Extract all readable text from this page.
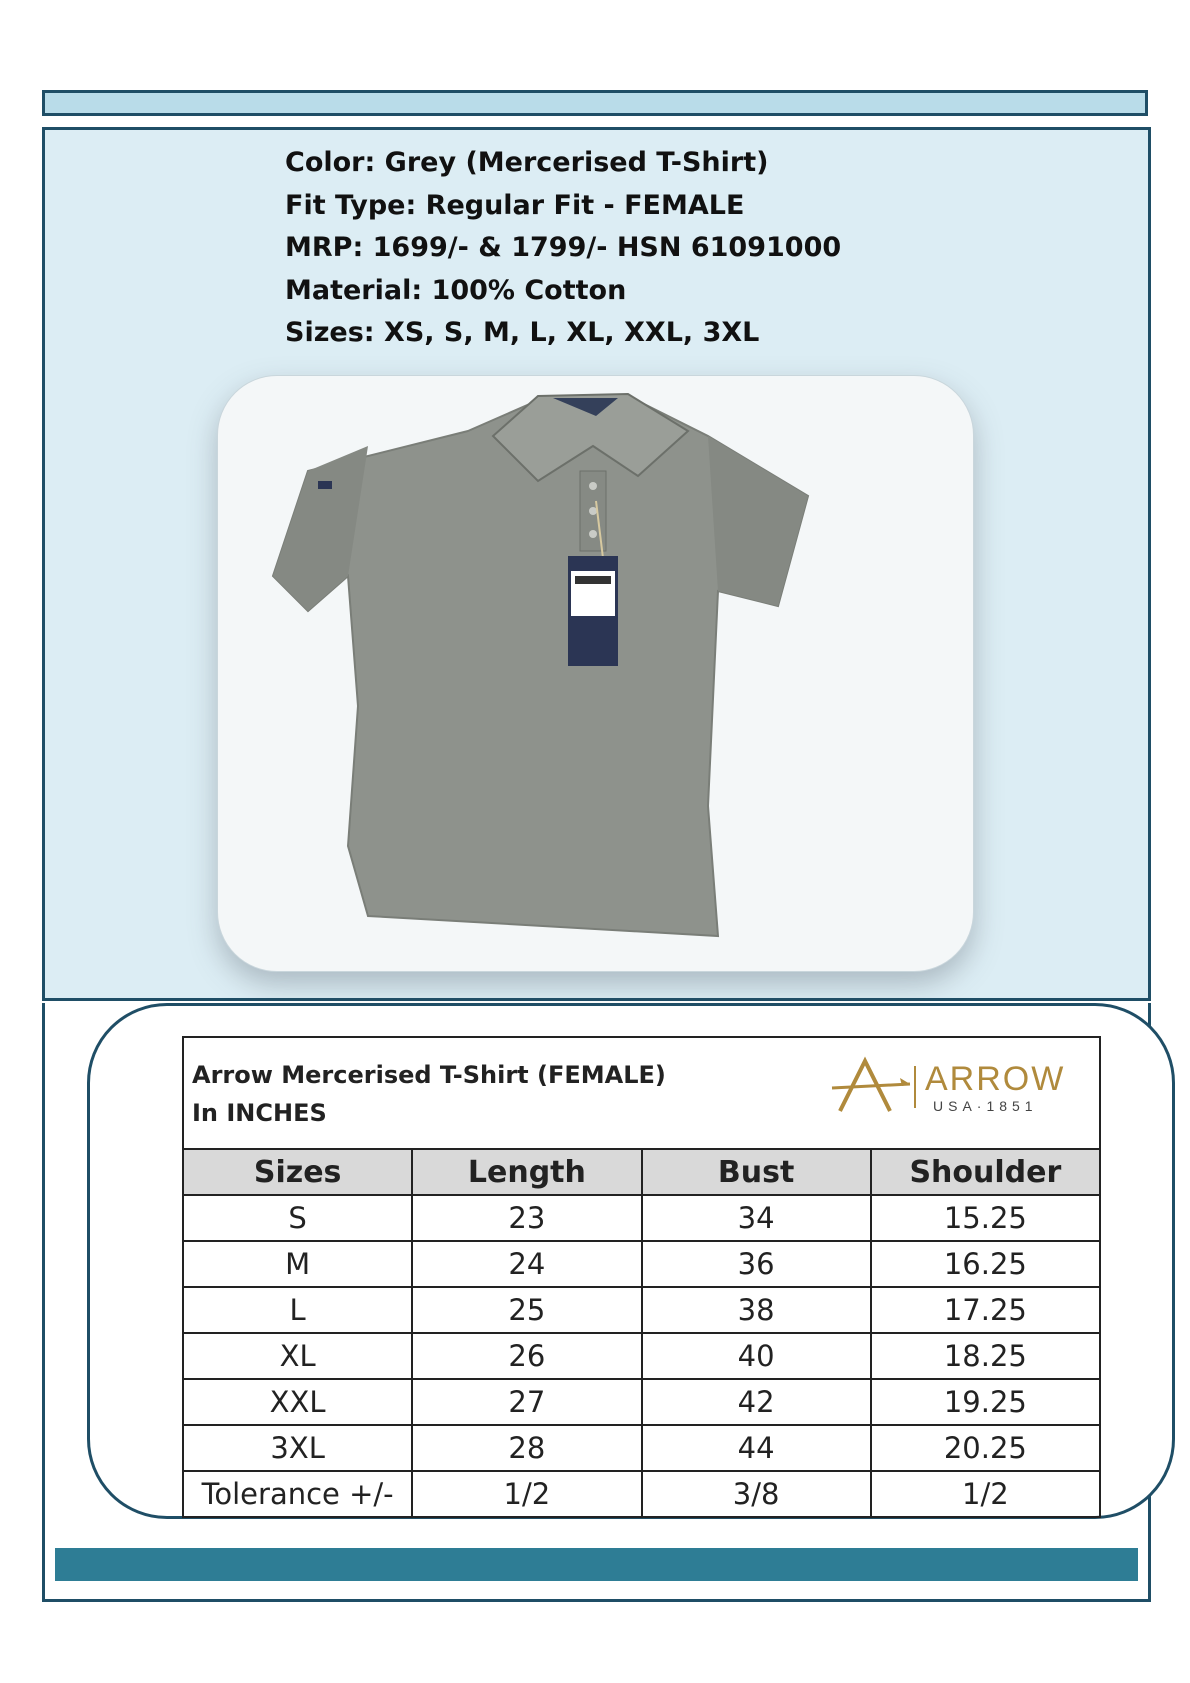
Color: Grey (Mercerised T-Shirt)
Fit Type: Regular Fit - FEMALE
MRP: 1699/- & 1799/- HSN 61091000
Material: 100% Cotton
Sizes: XS, S, M, L, XL, XXL, 3XL
Arrow Mercerised T-Shirt (FEMALE)
In INCHES
ARROW
USA·1851
Sizes	Length	Bust	Shoulder
S	23	34	15.25
M	24	36	16.25
L	25	38	17.25
XL	26	40	18.25
XXL	27	42	19.25
3XL	28	44	20.25
Tolerance +/-	1/2	3/8	1/2
